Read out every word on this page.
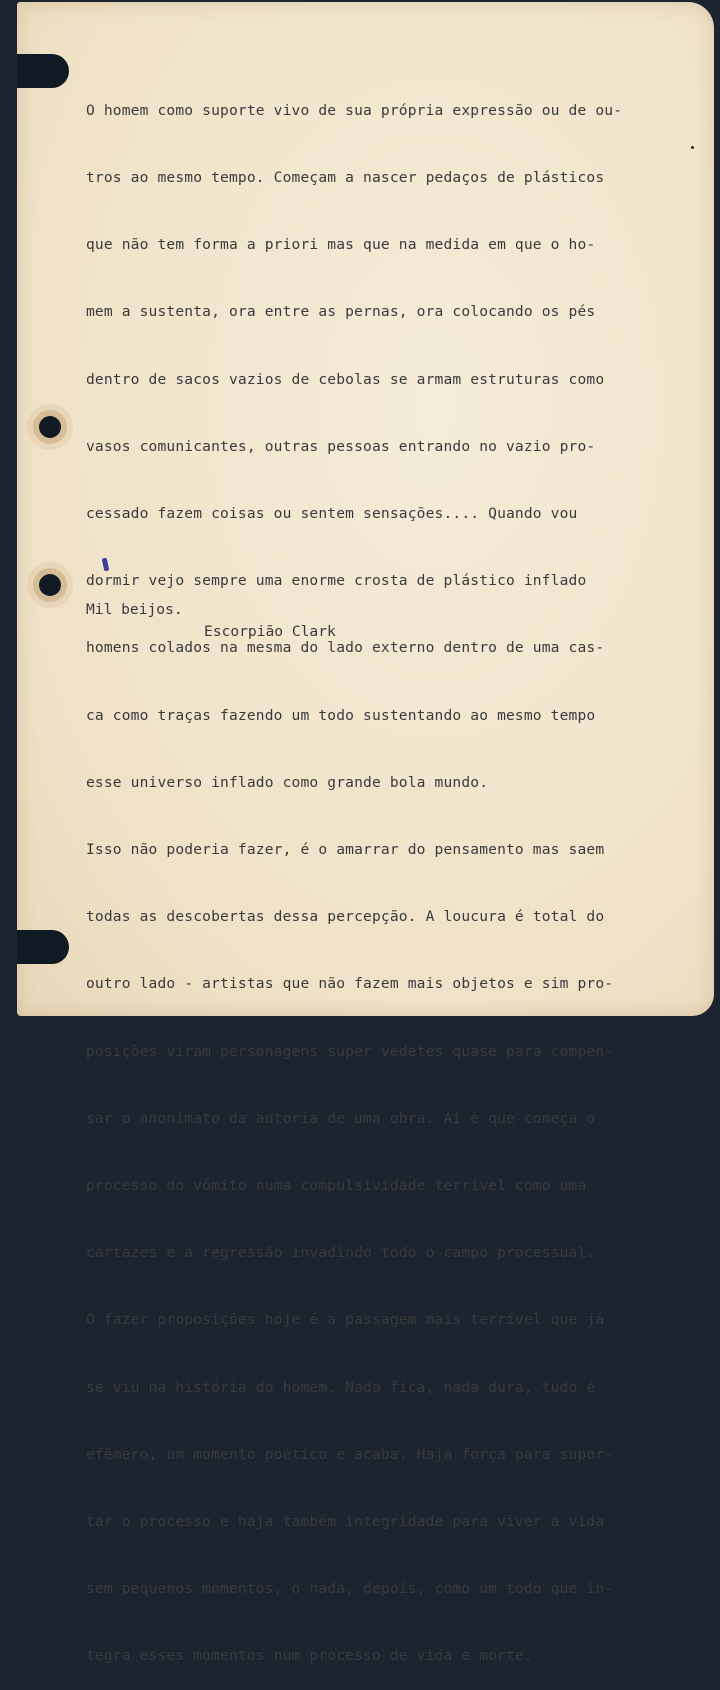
O homem como suporte vivo de sua própria expressão ou de ou-

tros ao mesmo tempo. Começam a nascer pedaços de plásticos

que não tem forma a priori mas que na medida em que o ho-

mem a sustenta, ora entre as pernas, ora colocando os pés

dentro de sacos vazios de cebolas se armam estruturas como

vasos comunicantes, outras pessoas entrando no vazio pro-

cessado fazem coisas ou sentem sensações.... Quando vou

dormir vejo sempre uma enorme crosta de plástico inflado

homens colados na mesma do lado externo dentro de uma cas-

ca como traças fazendo um todo sustentando ao mesmo tempo

esse universo inflado como grande bola mundo.

Isso não poderia fazer, é o amarrar do pensamento mas saem

todas as descobertas dessa percepção. A loucura é total do

outro lado - artistas que não fazem mais objetos e sim pro-

posições viram personagens super vedetes quase para compen-

sar o anonimato da autoria de uma obra. Aí é que começa o

processo do vômito numa compulsividade terrível como uma

cartazes e a regressão invadindo todo o campo processual.

O fazer proposições hoje é a passagem mais terrível que já

se viu na história do homem. Nada fica, nada dura, tudo é

efêmero, um momento poético e acaba. Haja força para supor-

tar o processo e haja também integridade para viver a vida

sem pequenos momentos, o nada, depois, como um todo que in-

tegra esses momentos num processo de vida e morte.

Mil beijos.
Escorpião Clark
